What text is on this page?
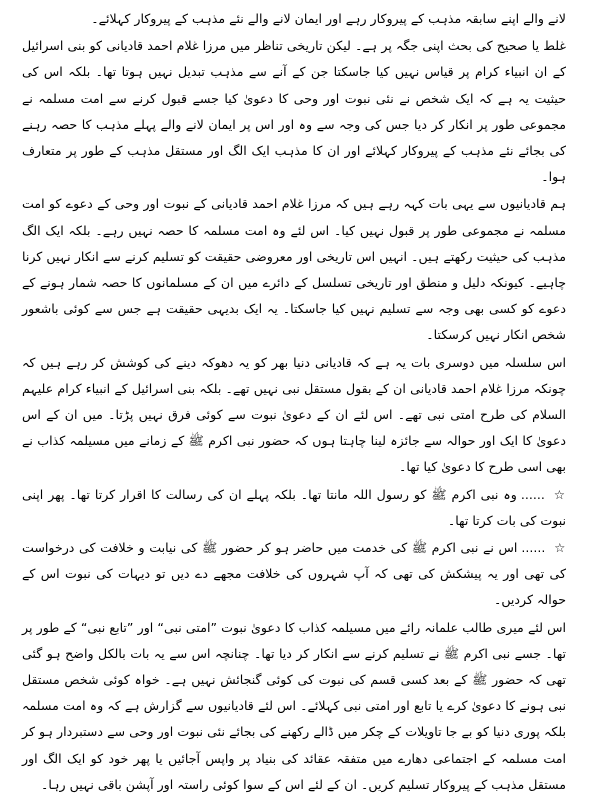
لانے والے اپنے سابقہ مذہب کے پیروکار رہے اور ایمان لانے والے نئے مذہب کے پیروکار کہلائے۔

غلط یا صحیح کی بحث اپنی جگہ پر ہے۔ لیکن تاریخی تناظر میں مرزا غلام احمد قادیانی کو بنی اسرائیل کے ان انبیاء کرام پر قیاس نہیں کیا جاسکتا جن کے آنے سے مذہب تبدیل نہیں ہوتا تھا۔ بلکہ اس کی حیثیت یہ ہے کہ ایک شخص نے نئی نبوت اور وحی کا دعویٰ کیا جسے قبول کرنے سے امت مسلمہ نے مجموعی طور پر انکار کر دیا جس کی وجہ سے وہ اور اس پر ایمان لانے والے پہلے مذہب کا حصہ رہنے کی بجائے نئے مذہب کے پیروکار کہلائے اور ان کا مذہب ایک الگ اور مستقل مذہب کے طور پر متعارف ہوا۔

ہم قادیانیوں سے یہی بات کہہ رہے ہیں کہ مرزا غلام احمد قادیانی کے نبوت اور وحی کے دعوے کو امت مسلمہ نے مجموعی طور پر قبول نہیں کیا۔ اس لئے وہ امت مسلمہ کا حصہ نہیں رہے۔ بلکہ ایک الگ مذہب کی حیثیت رکھتے ہیں۔ انہیں اس تاریخی اور معروضی حقیقت کو تسلیم کرنے سے انکار نہیں کرنا چاہیے۔ کیونکہ دلیل و منطق اور تاریخی تسلسل کے دائرے میں ان کے مسلمانوں کا حصہ شمار ہونے کے دعوے کو کسی بھی وجہ سے تسلیم نہیں کیا جاسکتا۔ یہ ایک بدیہی حقیقت ہے جس سے کوئی باشعور شخص انکار نہیں کرسکتا۔

اس سلسلہ میں دوسری بات یہ ہے کہ قادیانی دنیا بھر کو یہ دھوکہ دینے کی کوشش کر رہے ہیں کہ چونکہ مرزا غلام احمد قادیانی ان کے بقول مستقل نبی نہیں تھے۔ بلکہ بنی اسرائیل کے انبیاء کرام علیہم السلام کی طرح امتی نبی تھے۔ اس لئے ان کے دعویٰ نبوت سے کوئی فرق نہیں پڑتا۔ میں ان کے اس دعویٰ کا ایک اور حوالہ سے جائزہ لینا چاہتا ہوں کہ حضور نبی اکرم ﷺ کے زمانے میں مسیلمہ کذاب نے بھی اسی طرح کا دعویٰ کیا تھا۔

☆ ...... وہ نبی اکرم ﷺ کو رسول اللہ مانتا تھا۔ بلکہ پہلے ان کی رسالت کا اقرار کرتا تھا۔ پھر اپنی نبوت کی بات کرتا تھا۔

☆ ...... اس نے نبی اکرم ﷺ کی خدمت میں حاضر ہو کر حضور ﷺ کی نیابت و خلافت کی درخواست کی تھی اور یہ پیشکش کی تھی کہ آپ شہروں کی خلافت مجھے دے دیں تو دیہات کی نبوت اس کے حوالہ کردیں۔

اس لئے میری طالب علمانہ رائے میں مسیلمہ کذاب کا دعویٰ نبوت ”امتی نبی“ اور ”تابع نبی“ کے طور پر تھا۔ جسے نبی اکرم ﷺ نے تسلیم کرنے سے انکار کر دیا تھا۔ چنانچہ اس سے یہ بات بالکل واضح ہو گئی تھی کہ حضور ﷺ کے بعد کسی قسم کی نبوت کی کوئی گنجائش نہیں ہے۔ خواہ کوئی شخص مستقل نبی ہونے کا دعویٰ کرے یا تابع اور امتی نبی کہلائے۔ اس لئے قادیانیوں سے گزارش ہے کہ وہ امت مسلمہ بلکہ پوری دنیا کو بے جا تاویلات کے چکر میں ڈالے رکھنے کی بجائے نئی نبوت اور وحی سے دستبردار ہو کر امت مسلمہ کے اجتماعی دھارے میں متفقہ عقائد کی بنیاد پر واپس آجائیں یا پھر خود کو ایک الگ اور مستقل مذہب کے پیروکار تسلیم کریں۔ ان کے لئے اس کے سوا کوئی راستہ اور آپشن باقی نہیں رہا۔
